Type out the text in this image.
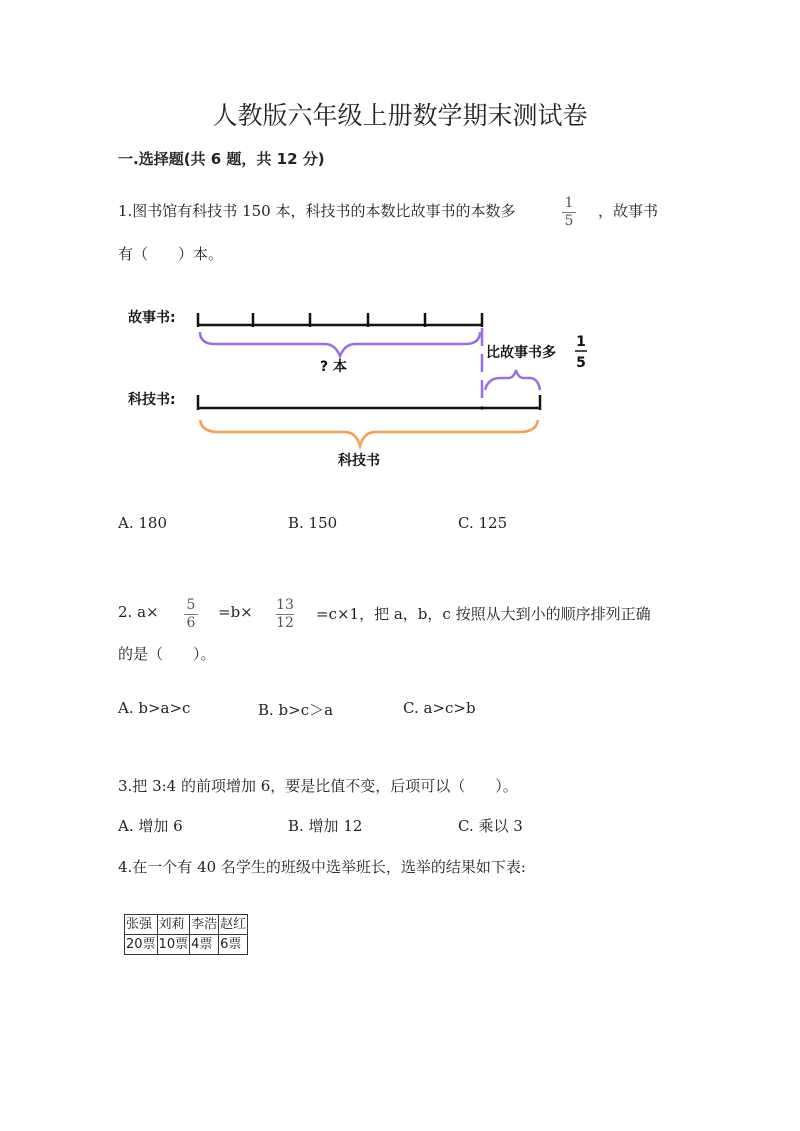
人教版六年级上册数学期末测试卷
一.选择题(共 6 题，共 12 分)
1.图书馆有科技书 150 本，科技书的本数比故事书的本数多	1
5
，故事书
有（　　）本。
故事书:
? 本
比故事书多
1
5
科技书:
科技书
A. 180	B. 150	C. 125
2. a× 5
6
=b× 13
12 =c×1，把 a，b，c 按照从大到小的顺序排列正确
的是（　　）。
A. b>a>c	B. b>c＞a	C. a>c>b
3.把 3:4 的前项增加 6，要是比值不变，后项可以（　　）。
A. 增加 6	B. 增加 12	C. 乘以 3
4.在一个有 40 名学生的班级中选举班长，选举的结果如下表:
张强	刘莉	李浩	赵红
20票	10票	4票	6票
